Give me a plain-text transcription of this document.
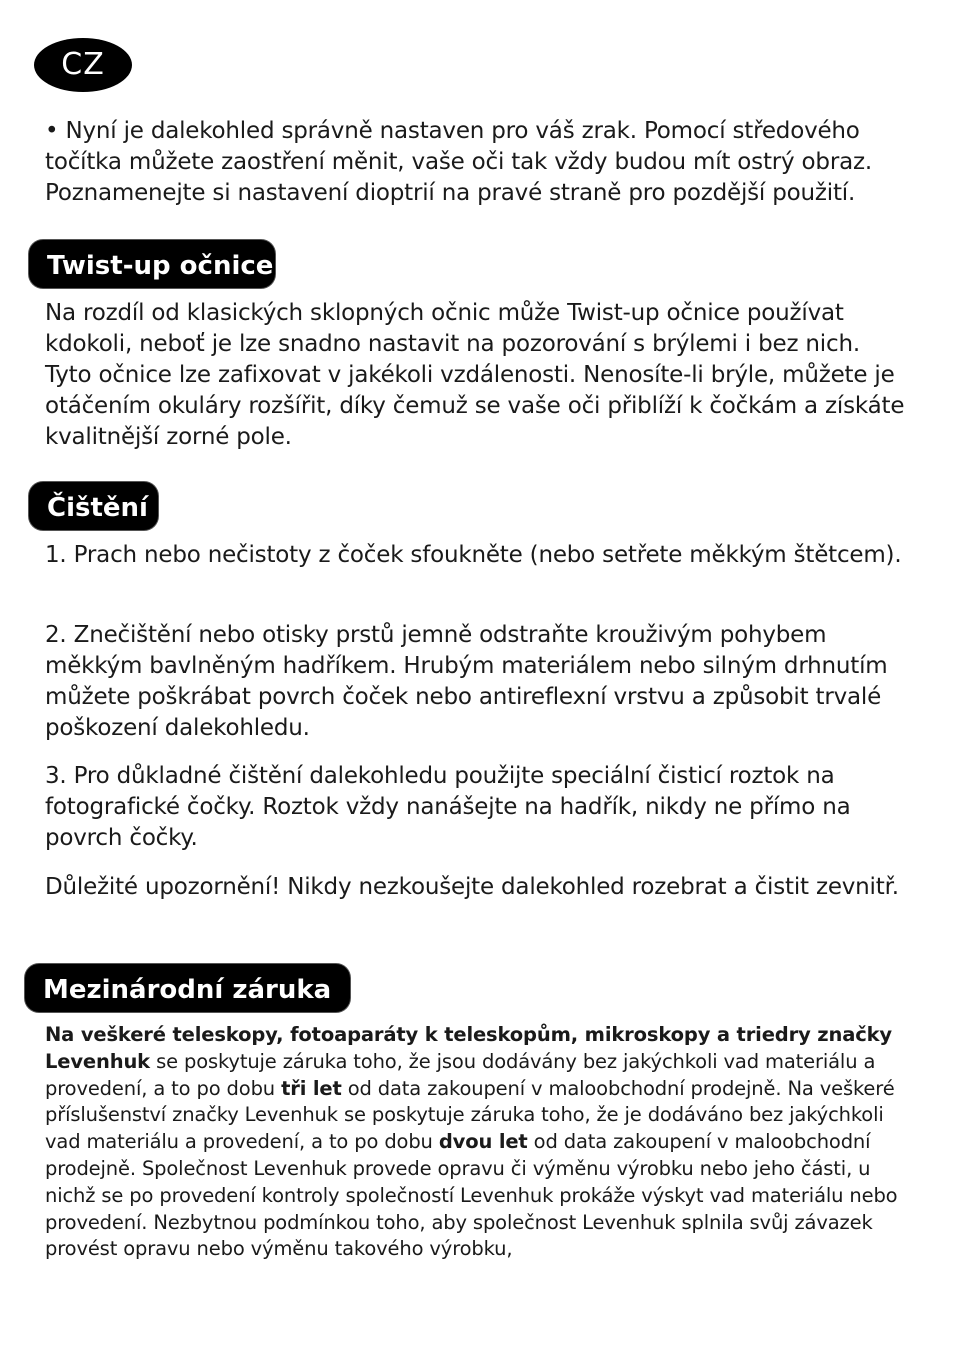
CZ

• Nyní je dalekohled správně nastaven pro váš zrak. Pomocí středového točítka můžete zaostření měnit, vaše oči tak vždy budou mít ostrý obraz. Poznamenejte si nastavení dioptrií na pravé straně pro pozdější použití.

Twist-up očnice

Na rozdíl od klasických sklopných očnic může Twist-up očnice používat kdokoli, neboť je lze snadno nastavit na pozorování s brýlemi i bez nich. Tyto očnice lze zafixovat v jakékoli vzdálenosti. Nenosíte-li brýle, můžete je otáčením okuláry rozšířit, díky čemuž se vaše oči přiblíží k čočkám a získáte kvalitnější zorné pole.

Čištění

1. Prach nebo nečistoty z čoček sfoukněte (nebo setřete měkkým štětcem).

2. Znečištění nebo otisky prstů jemně odstraňte krouživým pohybem měkkým bavlněným hadříkem. Hrubým materiálem nebo silným drhnutím můžete poškrábat povrch čoček nebo antireflexní vrstvu a způsobit trvalé poškození dalekohledu.

3. Pro důkladné čištění dalekohledu použijte speciální čisticí roztok na fotografické čočky. Roztok vždy nanášejte na hadřík, nikdy ne přímo na povrch čočky.

Důležité upozornění! Nikdy nezkoušejte dalekohled rozebrat a čistit zevnitř.

Mezinárodní záruka

Na veškeré teleskopy, fotoaparáty k teleskopům, mikroskopy a triedry značky Levenhuk se poskytuje záruka toho, že jsou dodávány bez jakýchkoli vad materiálu a provedení, a to po dobu tři let od data zakoupení v maloobchodní prodejně. Na veškeré příslušenství značky Levenhuk se poskytuje záruka toho, že je dodáváno bez jakýchkoli vad materiálu a provedení, a to po dobu dvou let od data zakoupení v maloobchodní prodejně. Společnost Levenhuk provede opravu či výměnu výrobku nebo jeho části, u nichž se po provedení kontroly společností Levenhuk prokáže výskyt vad materiálu nebo provedení. Nezbytnou podmínkou toho, aby společnost Levenhuk splnila svůj závazek provést opravu nebo výměnu takového výrobku,
